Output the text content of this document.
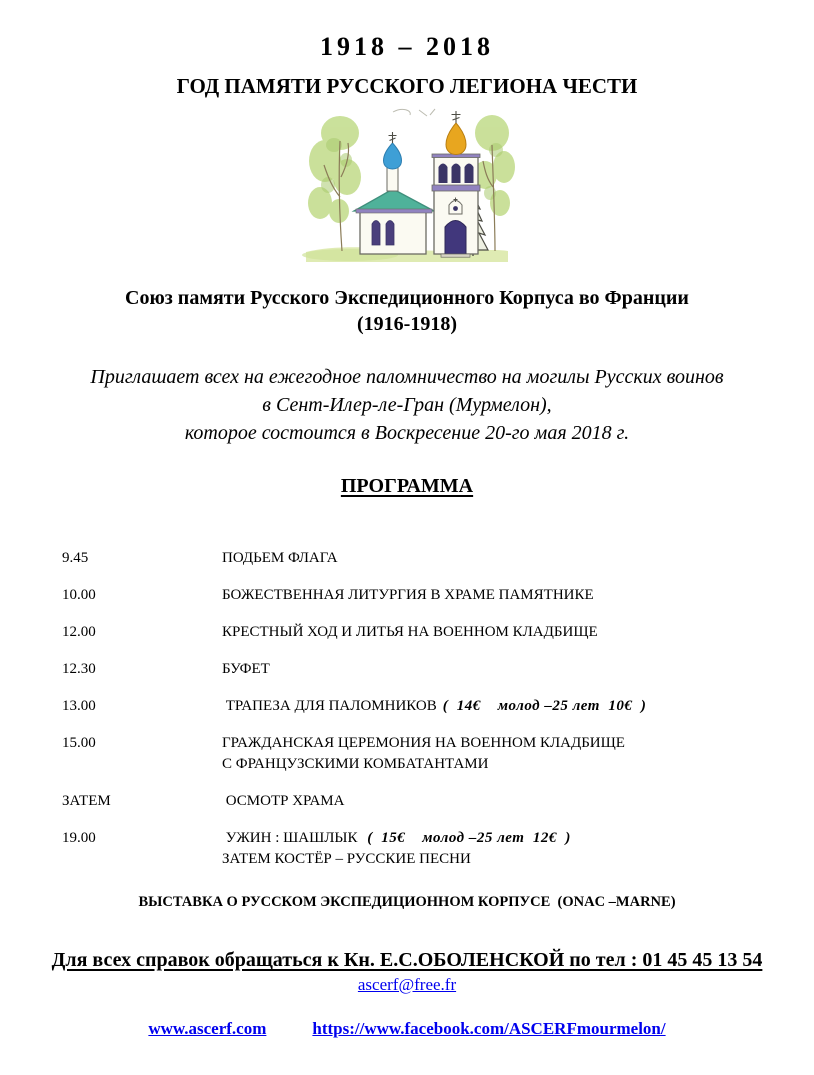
1918 – 2018
ГОД ПАМЯТИ РУССКОГО ЛЕГИОНА ЧЕСТИ
Союз памяти Русского Экспедиционного Корпуса во Франции
(1916-1918)
Приглашает всех на ежегодное паломничество на могилы Русских воинов
в Сент-Илер-ле-Гран (Мурмелон),
которое состоится в Воскресение 20-го мая 2018 г.
ПРОГРАММА
9.45	ПОДЬЕМ ФЛАГА
10.00	БОЖЕСТВЕННАЯ ЛИТУРГИЯ В ХРАМЕ ПАМЯТНИКЕ
12.00	КРЕСТНЫЙ ХОД И ЛИТЬЯ НА ВОЕННОМ КЛАДБИЩЕ
12.30	БУФЕТ
13.00	ТРАПЕЗА ДЛЯ ПАЛОМНИКОВ (  14€    молод –25 лет  10€  )
15.00	ГРАЖДАНСКАЯ ЦЕРЕМОНИЯ НА ВОЕННОМ КЛАДБИЩЕ
С ФРАНЦУЗСКИМИ КОМБАТАНТАМИ
ЗАТЕМ	ОСМОТР ХРАМА
19.00	УЖИН : ШАШЛЫК (  15€    молод –25 лет  12€  )
ЗАТЕМ КОСТЁР – РУССКИЕ ПЕСНИ
ВЫСТАВКА О РУССКОМ ЭКСПЕДИЦИОННОМ КОРПУСЕ  (ONAC –MARNE)
Для всех справок обращаться к Кн. Е.С.ОБОЛЕНСКОЙ по тел : 01 45 45 13 54
ascerf@free.fr
www.ascerf.com	https://www.facebook.com/ASCERFmourmelon/
